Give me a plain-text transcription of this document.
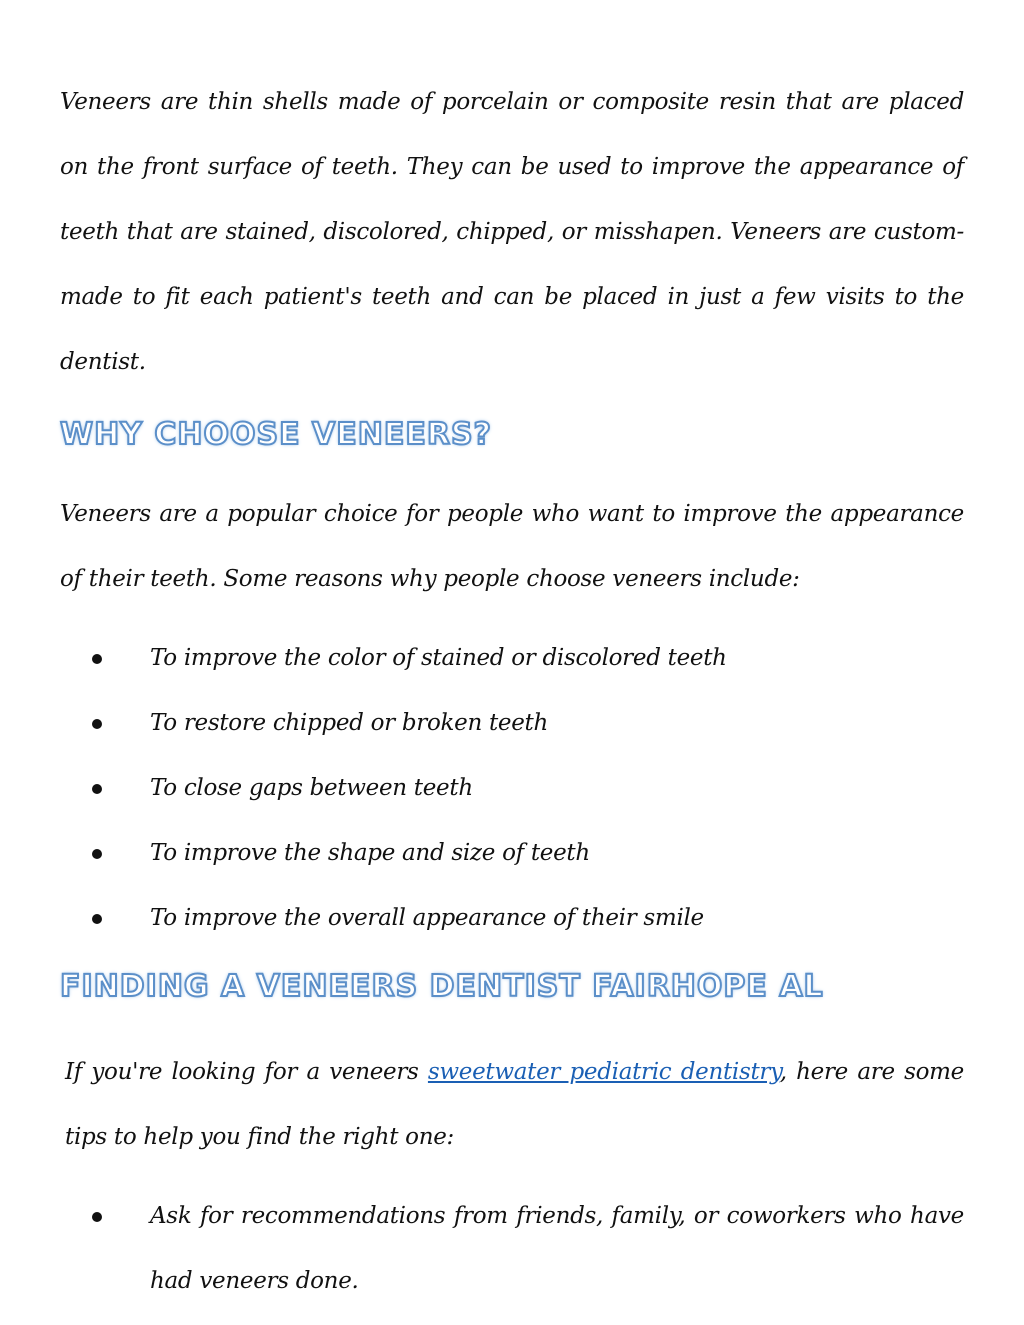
Veneers are thin shells made of porcelain or composite resin that are placed on the front surface of teeth. They can be used to improve the appearance of teeth that are stained, discolored, chipped, or misshapen. Veneers are custom-made to fit each patient's teeth and can be placed in just a few visits to the dentist.

WHY CHOOSE VENEERS?

Veneers are a popular choice for people who want to improve the appearance of their teeth. Some reasons why people choose veneers include:

To improve the color of stained or discolored teeth
To restore chipped or broken teeth
To close gaps between teeth
To improve the shape and size of teeth
To improve the overall appearance of their smile
FINDING A VENEERS DENTIST FAIRHOPE AL

If you're looking for a veneers sweetwater pediatric dentistry, here are some tips to help you find the right one:

Ask for recommendations from friends, family, or coworkers who have had veneers done.
